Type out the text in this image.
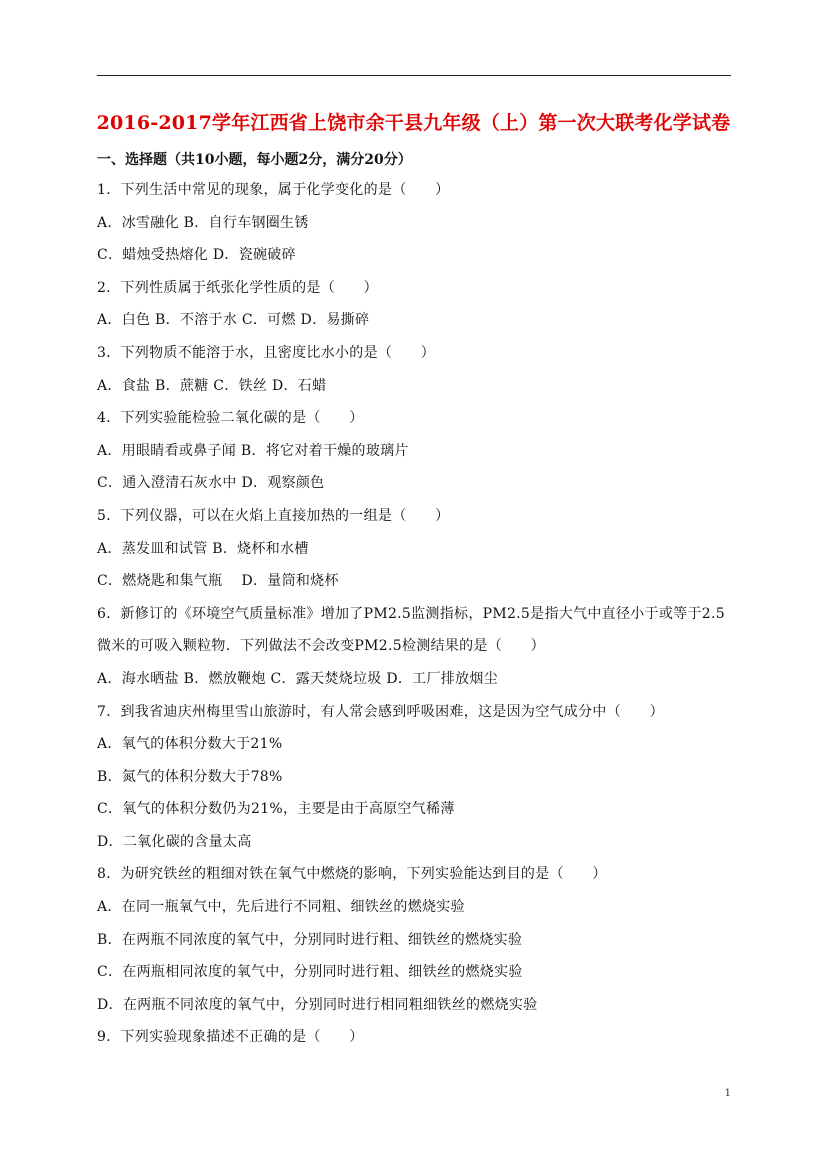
2016-2017学年江西省上饶市余干县九年级（上）第一次大联考化学试卷
一、选择题（共10小题，每小题2分，满分20分）
1．下列生活中常见的现象，属于化学变化的是（　　）
A．冰雪融化 B．自行车钢圈生锈
C．蜡烛受热熔化 D．瓷碗破碎
2．下列性质属于纸张化学性质的是（　　）
A．白色 B．不溶于水 C．可燃 D．易撕碎
3．下列物质不能溶于水，且密度比水小的是（　　）
A．食盐 B．蔗糖 C．铁丝 D．石蜡
4．下列实验能检验二氧化碳的是（　　）
A．用眼睛看或鼻子闻 B．将它对着干燥的玻璃片
C．通入澄清石灰水中 D．观察颜色
5．下列仪器，可以在火焰上直接加热的一组是（　　）
A．蒸发皿和试管 B．烧杯和水槽
C．燃烧匙和集气瓶　 D．量筒和烧杯
6．新修订的《环境空气质量标准》增加了PM2.5监测指标，PM2.5是指大气中直径小于或等于2.5
微米的可吸入颗粒物．下列做法不会改变PM2.5检测结果的是（　　）
A．海水晒盐 B．燃放鞭炮 C．露天焚烧垃圾 D．工厂排放烟尘
7．到我省迪庆州梅里雪山旅游时，有人常会感到呼吸困难，这是因为空气成分中（　　）
A．氧气的体积分数大于21%
B．氮气的体积分数大于78%
C．氧气的体积分数仍为21%，主要是由于高原空气稀薄
D．二氧化碳的含量太高
8．为研究铁丝的粗细对铁在氧气中燃烧的影响，下列实验能达到目的是（　　）
A．在同一瓶氧气中，先后进行不同粗、细铁丝的燃烧实验
B．在两瓶不同浓度的氧气中，分别同时进行粗、细铁丝的燃烧实验
C．在两瓶相同浓度的氧气中，分别同时进行粗、细铁丝的燃烧实验
D．在两瓶不同浓度的氧气中，分别同时进行相同粗细铁丝的燃烧实验
9．下列实验现象描述不正确的是（　　）
1
